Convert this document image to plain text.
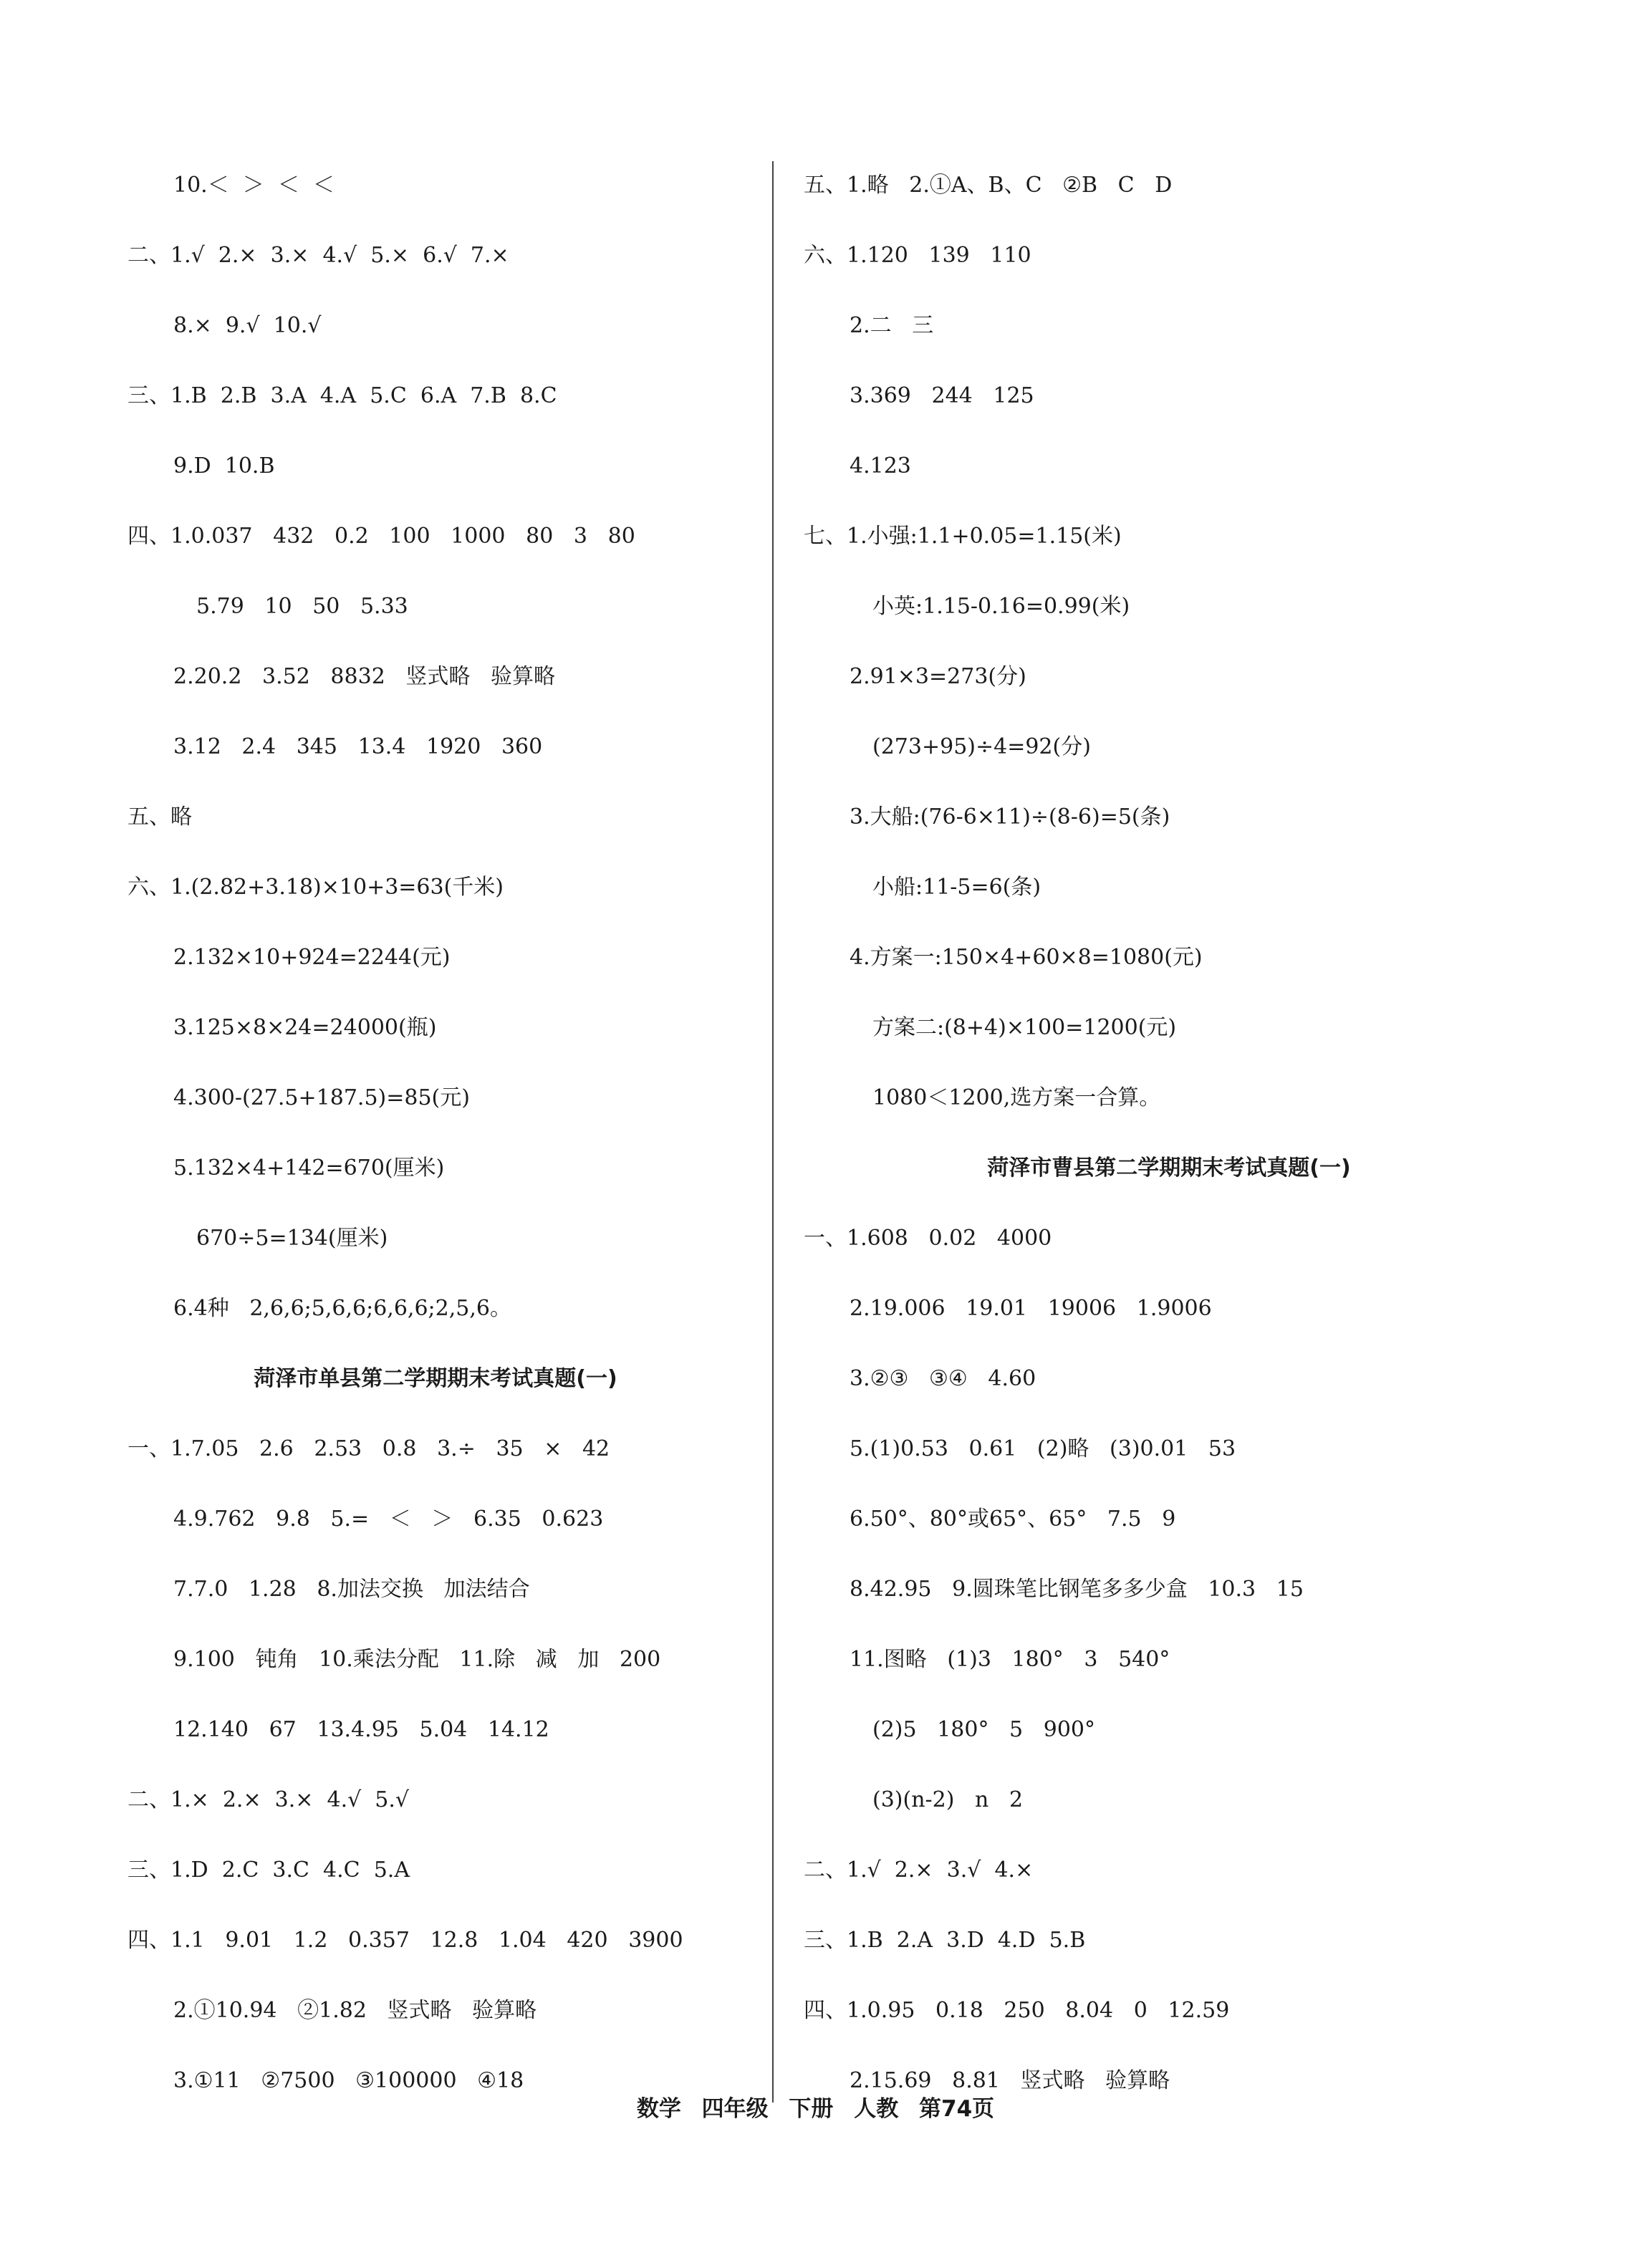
10.＜  ＞  ＜  ＜
二、1.√  2.×  3.×  4.√  5.×  6.√  7.×
8.×  9.√  10.√
三、1.B  2.B  3.A  4.A  5.C  6.A  7.B  8.C
9.D  10.B
四、1.0.037   432   0.2   100   1000   80   3   80
5.79   10   50   5.33
2.20.2   3.52   8832   竖式略   验算略
3.12   2.4   345   13.4   1920   360
五、略
六、1.(2.82+3.18)×10+3=63(千米)
2.132×10+924=2244(元)
3.125×8×24=24000(瓶)
4.300-(27.5+187.5)=85(元)
5.132×4+142=670(厘米)
670÷5=134(厘米)
6.4种   2,6,6;5,6,6;6,6,6;2,5,6。
菏泽市单县第二学期期末考试真题(一)
一、1.7.05   2.6   2.53   0.8   3.÷   35   ×   42
4.9.762   9.8   5.=   ＜   ＞   6.35   0.623
7.7.0   1.28   8.加法交换   加法结合
9.100   钝角   10.乘法分配   11.除   减   加   200
12.140   67   13.4.95   5.04   14.12
二、1.×  2.×  3.×  4.√  5.√
三、1.D  2.C  3.C  4.C  5.A
四、1.1   9.01   1.2   0.357   12.8   1.04   420   3900
2.①10.94   ②1.82   竖式略   验算略
3.①11   ②7500   ③100000   ④18
五、1.略   2.①A、B、C   ②B   C   D
六、1.120   139   110
2.二   三
3.369   244   125
4.123
七、1.小强:1.1+0.05=1.15(米)
小英:1.15-0.16=0.99(米)
2.91×3=273(分)
(273+95)÷4=92(分)
3.大船:(76-6×11)÷(8-6)=5(条)
小船:11-5=6(条)
4.方案一:150×4+60×8=1080(元)
方案二:(8+4)×100=1200(元)
1080＜1200,选方案一合算。
菏泽市曹县第二学期期末考试真题(一)
一、1.608   0.02   4000
2.19.006   19.01   19006   1.9006
3.②③   ③④   4.60
5.(1)0.53   0.61   (2)略   (3)0.01   53
6.50°、80°或65°、65°   7.5   9
8.42.95   9.圆珠笔比钢笔多多少盒   10.3   15
11.图略   (1)3   180°   3   540°
(2)5   180°   5   900°
(3)(n-2)   n   2
二、1.√  2.×  3.√  4.×
三、1.B  2.A  3.D  4.D  5.B
四、1.0.95   0.18   250   8.04   0   12.59
2.15.69   8.81   竖式略   验算略
数学 四年级 下册 人教 第74页
